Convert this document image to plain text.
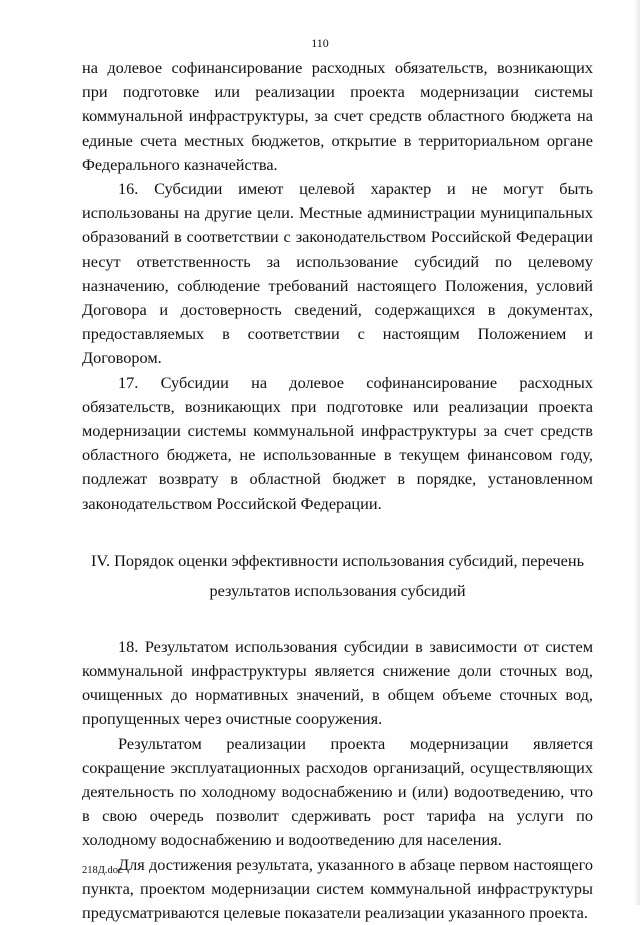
110

на долевое софинансирование расходных обязательств, возникающих при подготовке или реализации проекта модернизации системы коммунальной инфраструктуры, за счет средств областного бюджета на единые счета местных бюджетов, открытие в территориальном органе Федерального казначейства.

16. Субсидии имеют целевой характер и не могут быть использованы на другие цели. Местные администрации муниципальных образований в соответствии с законодательством Российской Федерации несут ответственность за использование субсидий по целевому назначению, соблюдение требований настоящего Положения, условий Договора и достоверность сведений, содержащихся в документах, предоставляемых в соответствии с настоящим Положением и Договором.

17. Субсидии на долевое софинансирование расходных обязательств, возникающих при подготовке или реализации проекта модернизации системы коммунальной инфраструктуры за счет средств областного бюджета, не использованные в текущем финансовом году, подлежат возврату в областной бюджет в порядке, установленном законодательством Российской Федерации.

IV. Порядок оценки эффективности использования субсидий, перечень
результатов использования субсидий

18. Результатом использования субсидии в зависимости от систем коммунальной инфраструктуры является снижение доли сточных вод, очищенных до нормативных значений, в общем объеме сточных вод, пропущенных через очистные сооружения.

Результатом реализации проекта модернизации является сокращение эксплуатационных расходов организаций, осуществляющих деятельность по холодному водоснабжению и (или) водоотведению, что в свою очередь позволит сдерживать рост тарифа на услуги по холодному водоснабжению и водоотведению для населения.

Для достижения результата, указанного в абзаце первом настоящего пункта, проектом модернизации систем коммунальной инфраструктуры предусматриваются целевые показатели реализации указанного проекта.

218Д.doc
